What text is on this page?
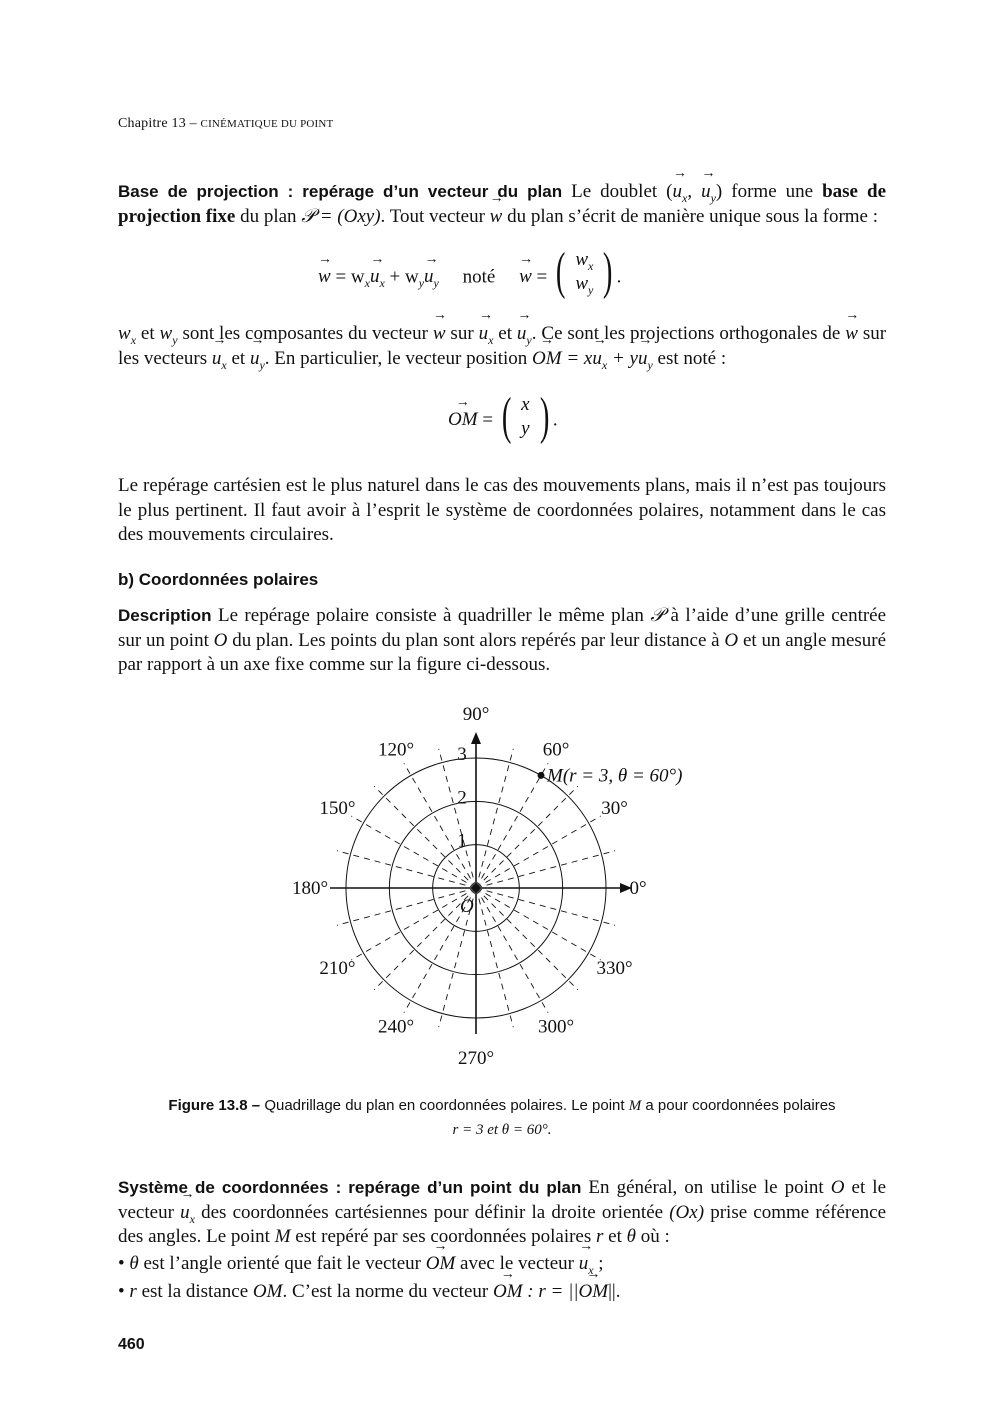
Chapitre 13 – CINÉMATIQUE DU POINT

Base de projection : repérage d’un vecteur du plan Le doublet (→ $u_x$, → $u_y$) forme une base de projection fixe du plan 𝒫 = (Oxy). Tout vecteur → w du plan s’écrit de manière unique sous la forme :

→ $w = w_x\to u_x + w_y\to u_y$ noté → w = ( $w_x$
$w_y$ ) .

$w_x$ et $w_y$ sont les composantes du vecteur → w sur → $u_x$ et → $u_y$. Ce sont les projections orthogonales de → w sur les vecteurs → $u_x$ et → $u_y$. En particulier, le vecteur position → OM = $x\to u_x + y\to u_y$ est noté :

→ OM = ( x
y ) .

Le repérage cartésien est le plus naturel dans le cas des mouvements plans, mais il n’est pas toujours le plus pertinent. Il faut avoir à l’esprit le système de coordonnées polaires, notamment dans le cas des mouvements circulaires.

b) Coordonnées polaires

Description Le repérage polaire consiste à quadriller le même plan 𝒫 à l’aide d’une grille centrée sur un point O du plan. Les points du plan sont alors repérés par leur distance à O et un angle mesuré par rapport à un axe fixe comme sur la figure ci-dessous.

0°
30°
60°
90°
120°
150°
180°
210°
240°
270°
300°
330°
1
2
3
O
M(r = 3, θ = 60°)
Figure 13.8 – Quadrillage du plan en coordonnées polaires. Le point M a pour coordonnées polaires
r = 3 et θ = 60°.

Système de coordonnées : repérage d’un point du plan En général, on utilise le point O et le vecteur → $u_x$ des coordonnées cartésiennes pour définir la droite orientée (Ox) prise comme référence des angles. Le point M est repéré par ses coordonnées polaires r et θ où :

• θ est l’angle orienté que fait le vecteur → OM avec le vecteur → $u_x$ ;
• r est la distance OM. C’est la norme du vecteur → OM : r = ||→ OM||.
460
